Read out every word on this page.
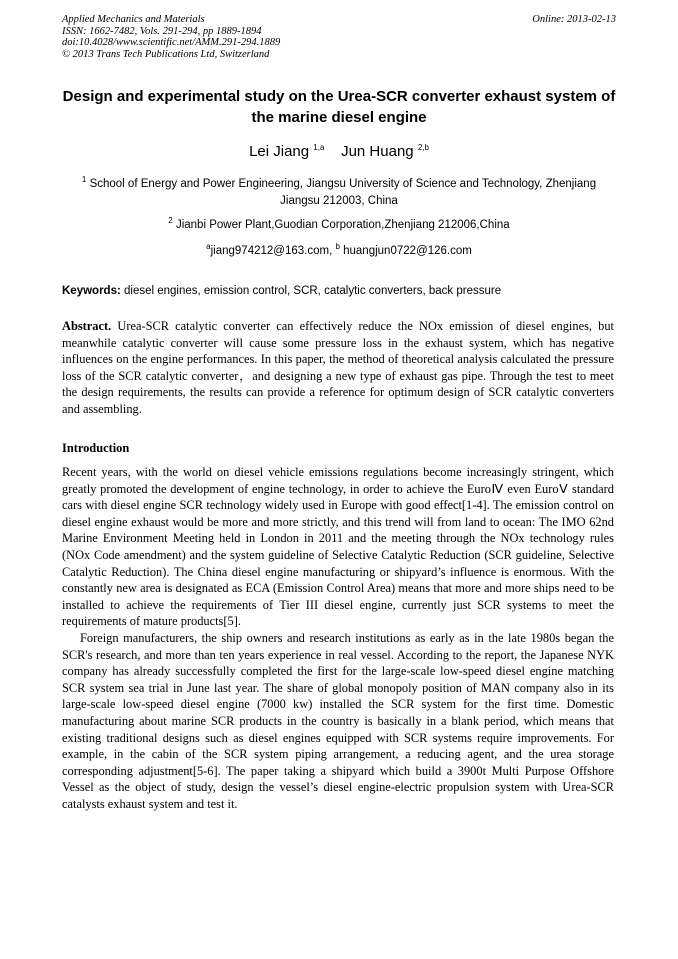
Applied Mechanics and Materials
ISSN: 1662-7482, Vols. 291-294, pp 1889-1894
doi:10.4028/www.scientific.net/AMM.291-294.1889
© 2013 Trans Tech Publications Ltd, Switzerland
Online: 2013-02-13
Design and experimental study on the Urea-SCR converter exhaust system of the marine diesel engine
Lei Jiang $^{1,a}$ Jun Huang $^{2,b}$
$^1$ School of Energy and Power Engineering, Jiangsu University of Science and Technology, Zhenjiang Jiangsu 212003, China
$^2$ Jianbi Power Plant,Guodian Corporation,Zhenjiang 212006,China
$^a$jiang974212@163.com, $^b$ huangjun0722@126.com
Keywords: diesel engines, emission control, SCR, catalytic converters, back pressure
Abstract. Urea-SCR catalytic converter can effectively reduce the NOx emission of diesel engines, but meanwhile catalytic converter will cause some pressure loss in the exhaust system, which has negative influences on the engine performances. In this paper, the method of theoretical analysis calculated the pressure loss of the SCR catalytic converter，and designing a new type of exhaust gas pipe. Through the test to meet the design requirements, the results can provide a reference for optimum design of SCR catalytic converters and assembling.
Introduction

Recent years, with the world on diesel vehicle emissions regulations become increasingly stringent, which greatly promoted the development of engine technology, in order to achieve the EuroⅣ even EuroⅤ standard cars with diesel engine SCR technology widely used in Europe with good effect[1-4]. The emission control on diesel engine exhaust would be more and more strictly, and this trend will from land to ocean: The IMO 62nd Marine Environment Meeting held in London in 2011 and the meeting through the NOx technology rules (NOx Code amendment) and the system guideline of Selective Catalytic Reduction (SCR guideline, Selective Catalytic Reduction). The China diesel engine manufacturing or shipyard’s influence is enormous. With the constantly new area is designated as ECA (Emission Control Area) means that more and more ships need to be installed to achieve the requirements of Tier III diesel engine, currently just SCR systems to meet the requirements of mature products[5].

Foreign manufacturers, the ship owners and research institutions as early as in the late 1980s began the SCR's research, and more than ten years experience in real vessel. According to the report, the Japanese NYK company has already successfully completed the first for the large-scale low-speed diesel engine matching SCR system sea trial in June last year. The share of global monopoly position of MAN company also in its large-scale low-speed diesel engine (7000 kw) installed the SCR system for the first time. Domestic manufacturing about marine SCR products in the country is basically in a blank period, which means that existing traditional designs such as diesel engines equipped with SCR systems require improvements. For example, in the cabin of the SCR system piping arrangement, a reducing agent, and the urea storage corresponding adjustment[5-6]. The paper taking a shipyard which build a 3900t Multi Purpose Offshore Vessel as the object of study, design the vessel’s diesel engine-electric propulsion system with Urea-SCR catalysts exhaust system and test it.
